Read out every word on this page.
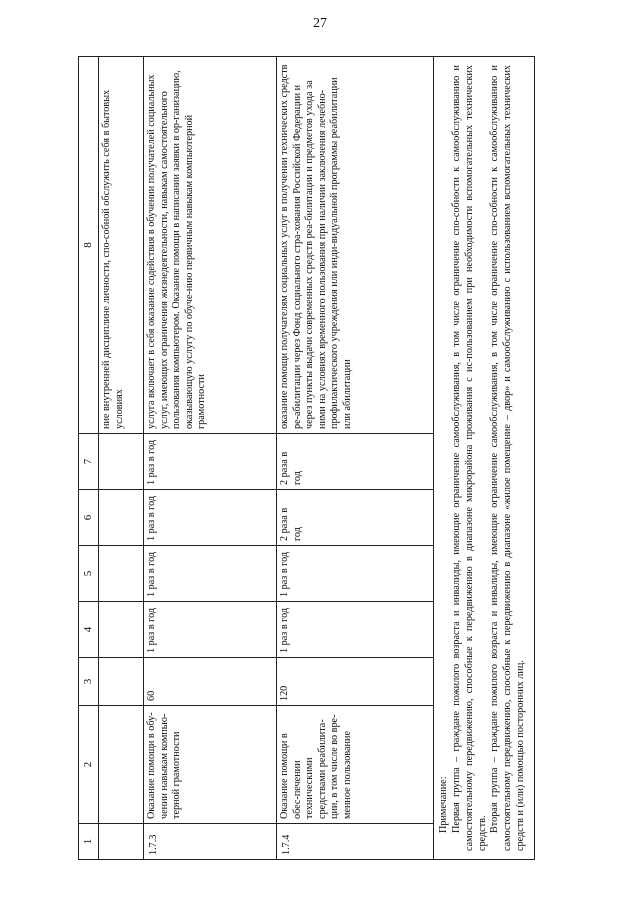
27
1	2	3	4	5	6	7	8
							ние внутренней дисциплине личности, спо-собной обслужить себя в бытовых условиях
1.7.3	Оказание помощи в обу-чении навыкам компью-терной грамотности	60	1 раз в год	1 раз в год	1 раз в год	1 раз в год	услуга включает в себя оказание содействия в обучении получателей социальных услуг, имеющих ограничения жизнедеятельности, навыкам самостоятельного пользования компьютером. Оказание помощи в написании заявки в ор-ганизацию, оказывающую услугу по обуче-нию первичным навыкам компьютерной грамотности
1.7.4	Оказание помощи в обес-печении техническими средствами реабилита-ции, в том числе во вре-менное пользование	120	1 раз в год	1 раз в год	2 раза в год	2 раза в год	оказание помощи получателям социальных услуг в получении технических средств ре-абилитации через Фонд социального стра-хования Российской Федерации и через пункты выдачи современных средств реа-билитации и предметов ухода за ними на условиях временного пользования при наличии заключения лечебно-профилактического учреждения или инди-видуальной программы реабилитации или абилитации

Примечание: Первая группа – граждане пожилого возраста и инвалиды, имеющие ограничение самообслуживания, в том числе ограничение спо-собности к самообслуживанию и самостоятельному передвижению, способные к передвижению в диапазоне микрорайона проживания с ис-пользованием при необходимости вспомогательных технических средств.

Вторая группа – граждане пожилого возраста и инвалиды, имеющие ограничение самообслуживания, в том числе ограничение спо-собности к самообслуживанию и самостоятельному передвижению, способные к передвижению в диапазоне «жилое помещение – двор» и самообслуживанию с использованием вспомогательных технических средств и (или) помощью посторонних лиц.
